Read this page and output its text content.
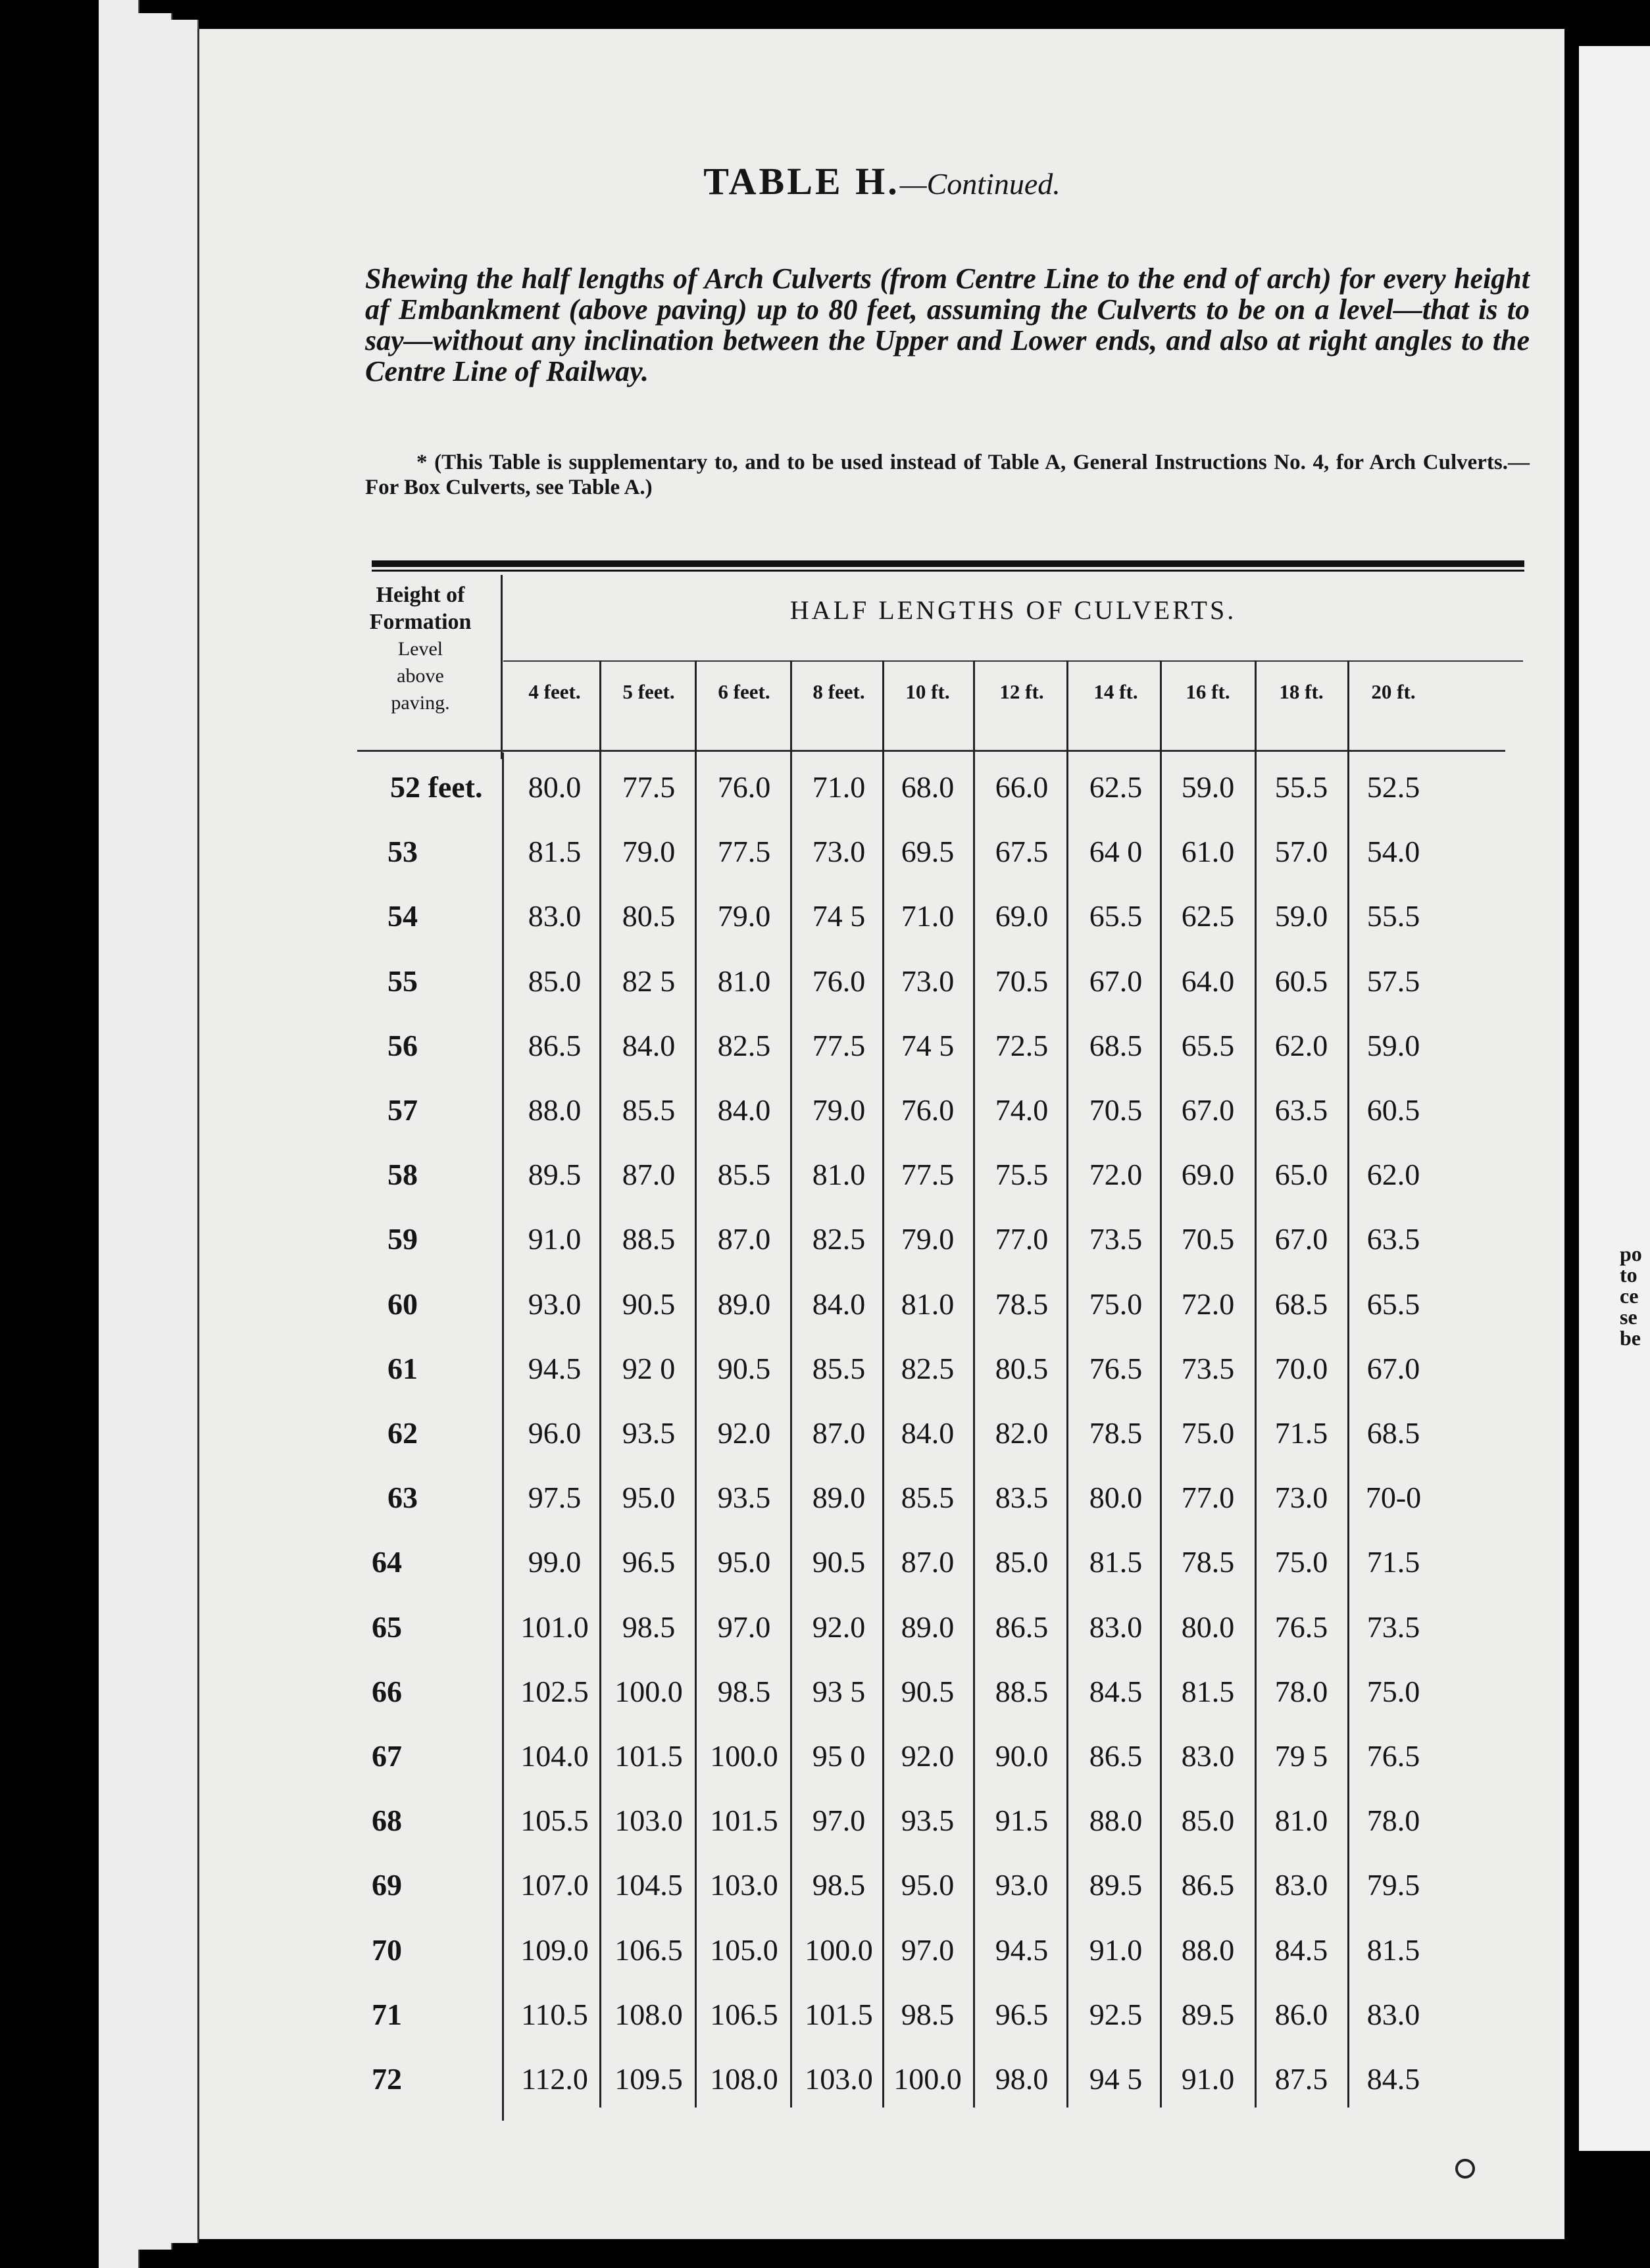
po
to
ce
se
be
TABLE H.—Continued.
Shewing the half lengths of Arch Culverts (from Centre Line to the end of arch) for every height af Embankment (above paving) up to 80 feet, assuming the Culverts to be on a level—that is to say—without any inclination between the Upper and Lower ends, and also at right angles to the Centre Line of Railway.
* (This Table is supplementary to, and to be used instead of Table A, General Instructions No. 4, for Arch Culverts.—For Box Culverts, see Table A.)
Height of
Formation
Level
above
paving.
HALF LENGTHS OF CULVERTS.
4 feet.	5 feet.	6 feet.	8 feet.	10 ft.	12 ft.	14 ft.	16 ft.	18 ft.	20 ft.
52 feet.	80.0	77.5	76.0	71.0	68.0	66.0	62.5	59.0	55.5	52.5
53	81.5	79.0	77.5	73.0	69.5	67.5	64 0	61.0	57.0	54.0
54	83.0	80.5	79.0	74 5	71.0	69.0	65.5	62.5	59.0	55.5
55	85.0	82 5	81.0	76.0	73.0	70.5	67.0	64.0	60.5	57.5
56	86.5	84.0	82.5	77.5	74 5	72.5	68.5	65.5	62.0	59.0
57	88.0	85.5	84.0	79.0	76.0	74.0	70.5	67.0	63.5	60.5
58	89.5	87.0	85.5	81.0	77.5	75.5	72.0	69.0	65.0	62.0
59	91.0	88.5	87.0	82.5	79.0	77.0	73.5	70.5	67.0	63.5
60	93.0	90.5	89.0	84.0	81.0	78.5	75.0	72.0	68.5	65.5
61	94.5	92 0	90.5	85.5	82.5	80.5	76.5	73.5	70.0	67.0
62	96.0	93.5	92.0	87.0	84.0	82.0	78.5	75.0	71.5	68.5
63	97.5	95.0	93.5	89.0	85.5	83.5	80.0	77.0	73.0	70-0
64	99.0	96.5	95.0	90.5	87.0	85.0	81.5	78.5	75.0	71.5
65	101.0	98.5	97.0	92.0	89.0	86.5	83.0	80.0	76.5	73.5
66	102.5 100.0	98.5	93 5	90.5	88.5	84.5	81.5	78.0	75.0
67	104.0 101.5 100.0	95 0	92.0	90.0	86.5	83.0	79 5	76.5
68	105.5 103.0 101.5	97.0	93.5	91.5	88.0	85.0	81.0	78.0
69	107.0 104.5 103.0	98.5	95.0	93.0	89.5	86.5	83.0	79.5
70	109.0 106.5 105.0 100.0 97.0	94.5	91.0	88.0	84.5	81.5
71	110.5 108.0 106.5 101.5 98.5	96.5	92.5	89.5	86.0	83.0
72	112.0 109.5 108.0 103.0 100.0	98.0	94 5	91.0	87.5	84.5
